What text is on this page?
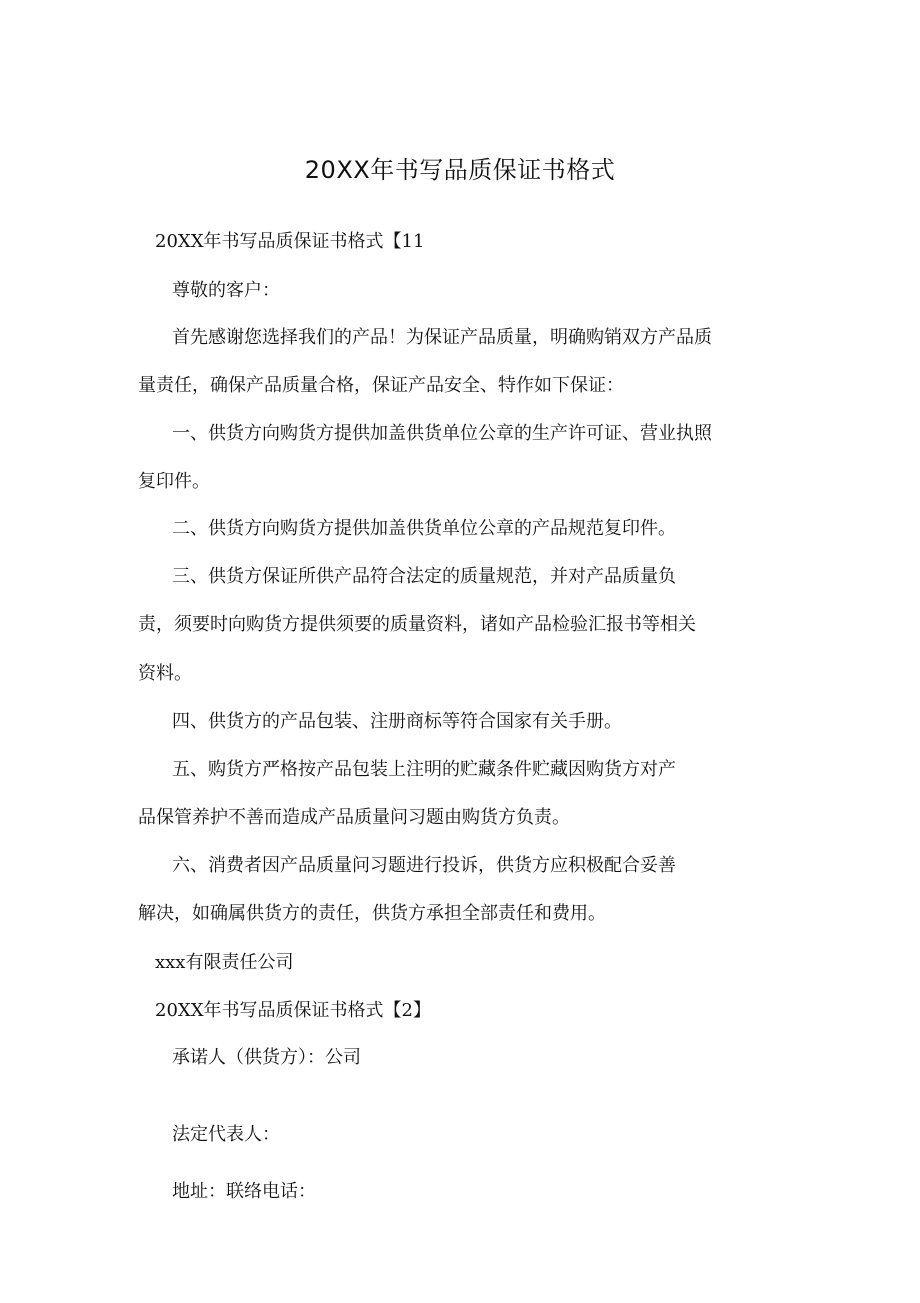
20XX年书写品质保证书格式
20XX年书写品质保证书格式【11
尊敬的客户：
首先感谢您选择我们的产品！为保证产品质量，明确购销双方产品质
量责任，确保产品质量合格，保证产品安全、特作如下保证：
一、供货方向购货方提供加盖供货单位公章的生产许可证、营业执照
复印件。
二、供货方向购货方提供加盖供货单位公章的产品规范复印件。
三、供货方保证所供产品符合法定的质量规范，并对产品质量负
责，须要时向购货方提供须要的质量资料，诸如产品检验汇报书等相关
资料。
四、供货方的产品包装、注册商标等符合国家有关手册。
五、购货方严格按产品包装上注明的贮藏条件贮藏因购货方对产
品保管养护不善而造成产品质量问习题由购货方负责。
六、消费者因产品质量问习题进行投诉，供货方应积极配合妥善
解决，如确属供货方的责任，供货方承担全部责任和费用。
xxx有限责任公司
20XX年书写品质保证书格式【2】
承诺人（供货方）：公司
法定代表人：
地址：联络电话：
